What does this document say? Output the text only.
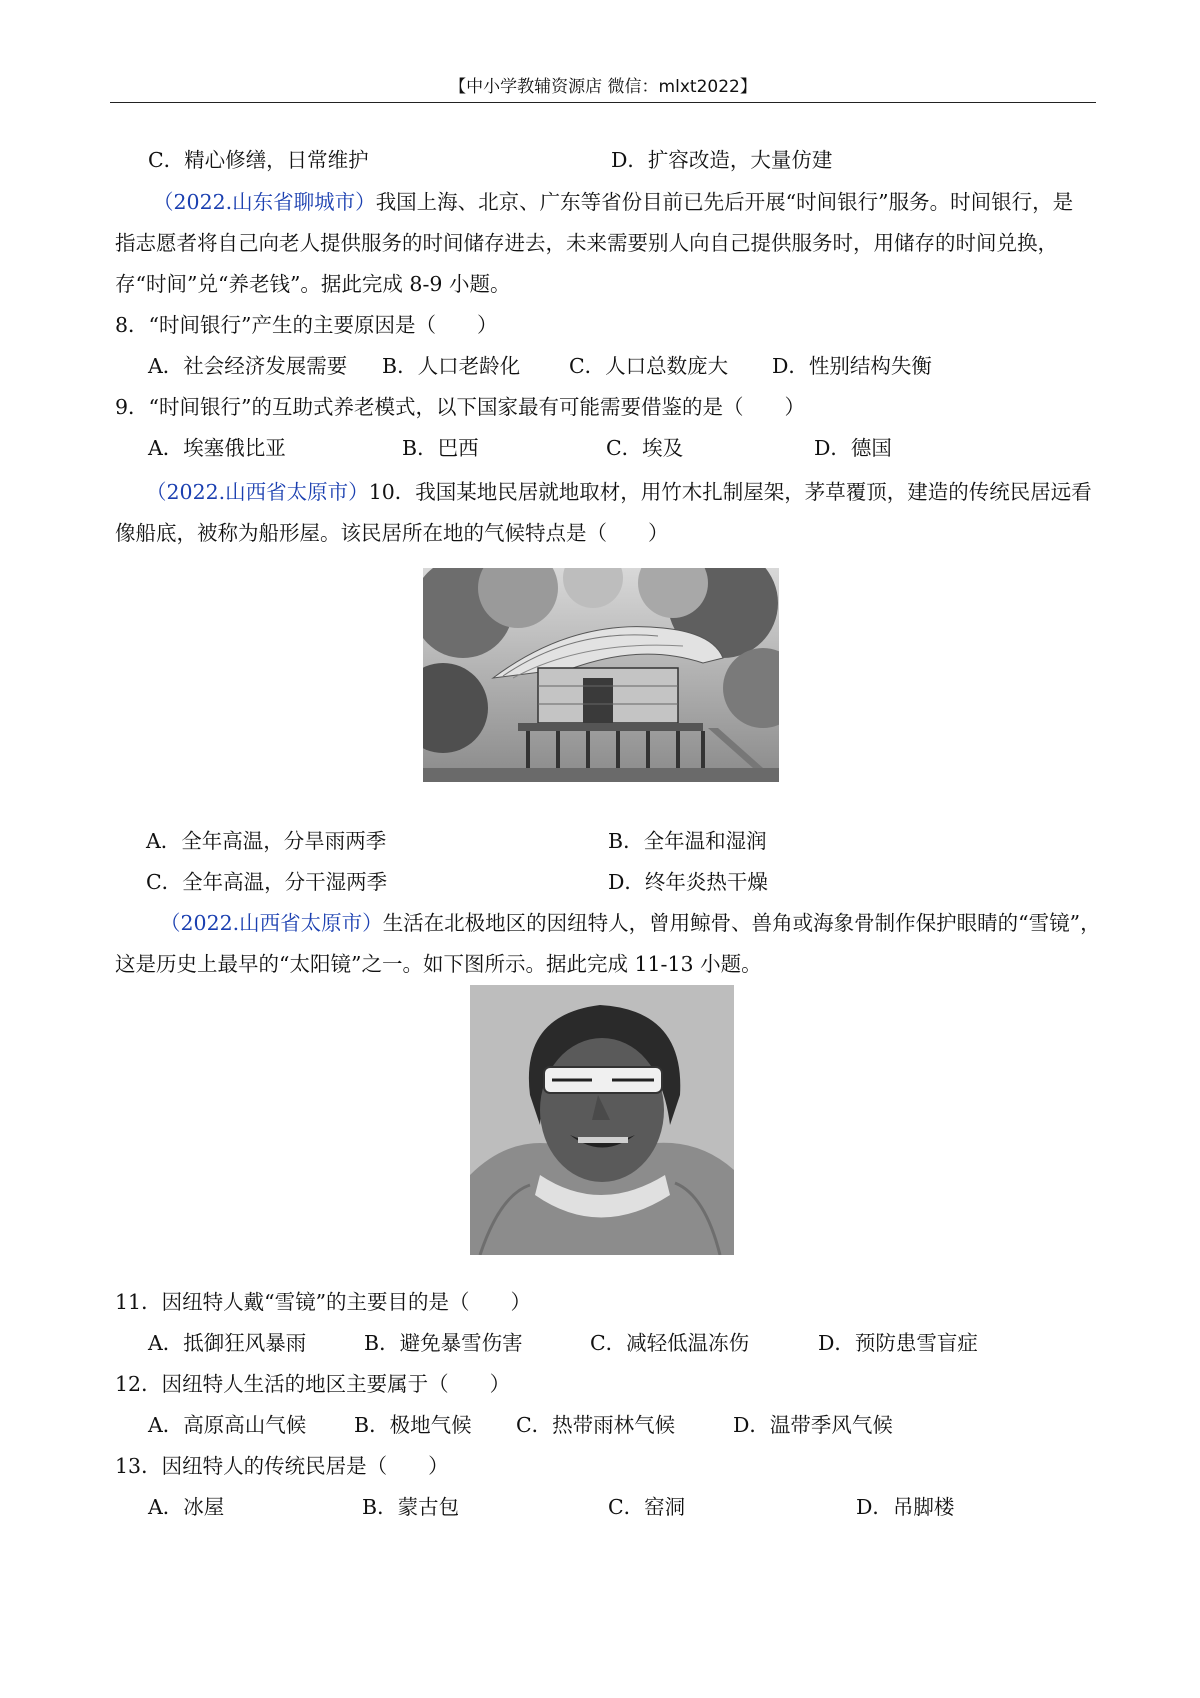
【中小学教辅资源店 微信：mlxt2022】
C．精心修缮，日常维护	D．扩容改造，大量仿建
（2022.山东省聊城市）我国上海、北京、广东等省份目前已先后开展“时间银行”服务。时间银行，是
指志愿者将自己向老人提供服务的时间储存进去，未来需要别人向自己提供服务时，用储存的时间兑换，
存“时间”兑“养老钱”。据此完成 8-9 小题。
8．“时间银行”产生的主要原因是（　　）
A．社会经济发展需要 B．人口老龄化 C．人口总数庞大 D．性别结构失衡
9．“时间银行”的互助式养老模式，以下国家最有可能需要借鉴的是（　　）
A．埃塞俄比亚	B．巴西	C．埃及	D．德国
（2022.山西省太原市）10．我国某地民居就地取材，用竹木扎制屋架，茅草覆顶，建造的传统民居远看
像船底，被称为船形屋。该民居所在地的气候特点是（　　）
A．全年高温，分旱雨两季	B．全年温和湿润
C．全年高温，分干湿两季	D．终年炎热干燥
（2022.山西省太原市）生活在北极地区的因纽特人，曾用鲸骨、兽角或海象骨制作保护眼睛的“雪镜”，
这是历史上最早的“太阳镜”之一。如下图所示。据此完成 11-13 小题。
11．因纽特人戴“雪镜”的主要目的是（　　）
A．抵御狂风暴雨	B．避免暴雪伤害	C．减轻低温冻伤	D．预防患雪盲症
12．因纽特人生活的地区主要属于（　　）
A．高原高山气候 B．极地气候 C．热带雨林气候	D．温带季风气候
13．因纽特人的传统民居是（　　）
A．冰屋	B．蒙古包	C．窑洞	D．吊脚楼
